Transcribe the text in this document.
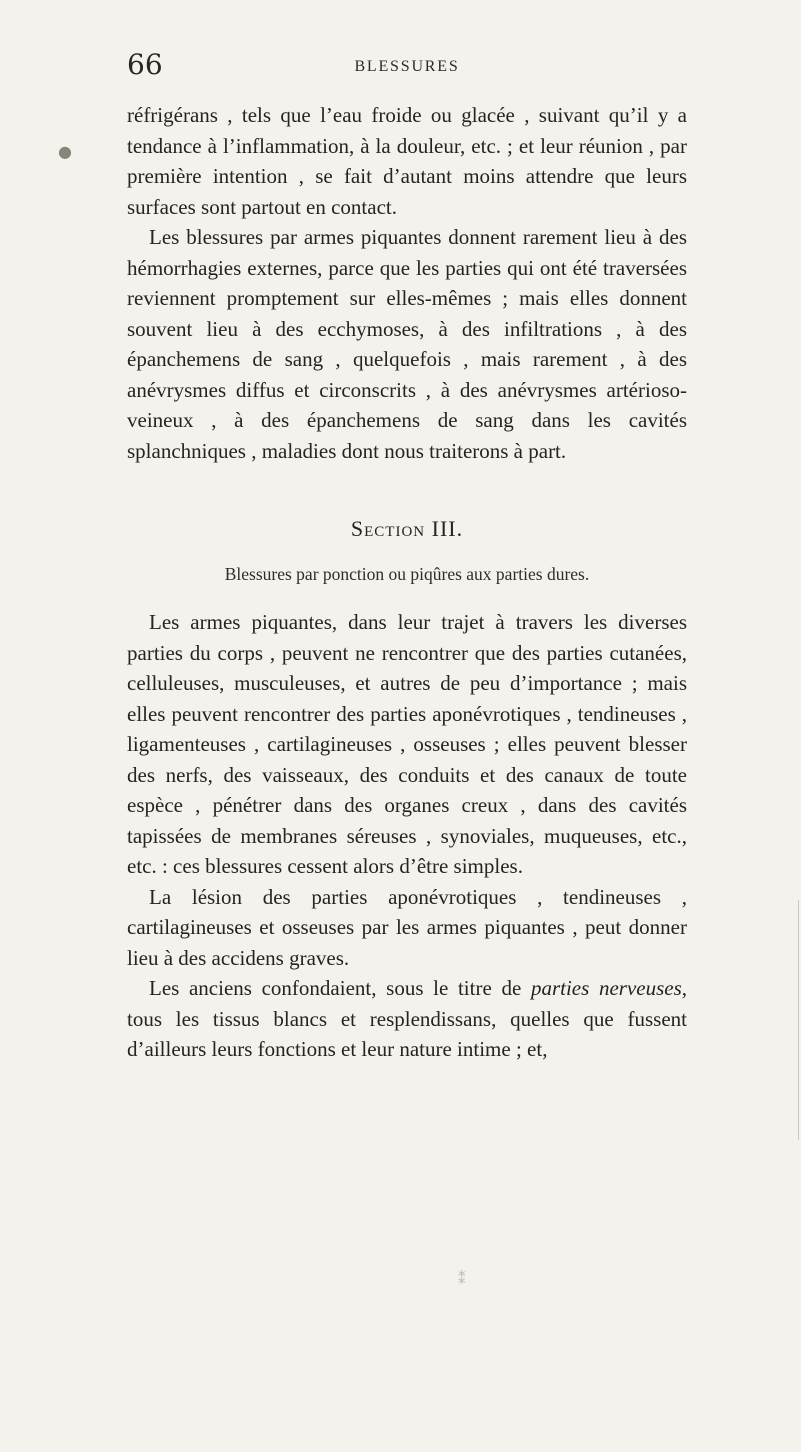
66	BLESSURES
●

réfrigérans , tels que l’eau froide ou glacée , suivant qu’il y a tendance à l’inflammation, à la douleur, etc. ; et leur réunion , par première intention , se fait d’autant moins attendre que leurs surfaces sont partout en contact.

Les blessures par armes piquantes donnent rarement lieu à des hémorrhagies externes, parce que les parties qui ont été traversées reviennent promptement sur elles-mêmes ; mais elles donnent souvent lieu à des ecchymoses, à des infiltrations , à des épanchemens de sang , quelquefois , mais rarement , à des anévrysmes diffus et circonscrits , à des anévrysmes artérioso-veineux , à des épanchemens de sang dans les cavités splanchniques , maladies dont nous traiterons à part.

Section III.

Blessures par ponction ou piqûres aux parties dures.

Les armes piquantes, dans leur trajet à travers les diverses parties du corps , peuvent ne rencontrer que des parties cutanées, celluleuses, musculeuses, et autres de peu d’importance ; mais elles peuvent rencontrer des parties aponévrotiques , tendineuses , ligamenteuses , cartilagineuses , osseuses ; elles peuvent blesser des nerfs, des vaisseaux, des conduits et des canaux de toute espèce , pénétrer dans des organes creux , dans des cavités tapissées de membranes séreuses , synoviales, muqueuses, etc., etc. : ces blessures cessent alors d’être simples.

La lésion des parties aponévrotiques , tendineuses , cartilagineuses et osseuses par les armes piquantes , peut donner lieu à des accidens graves.

Les anciens confondaient, sous le titre de parties nerveuses, tous les tissus blancs et resplendissans, quelles que fussent d’ailleurs leurs fonctions et leur nature intime ; et,

⁑
